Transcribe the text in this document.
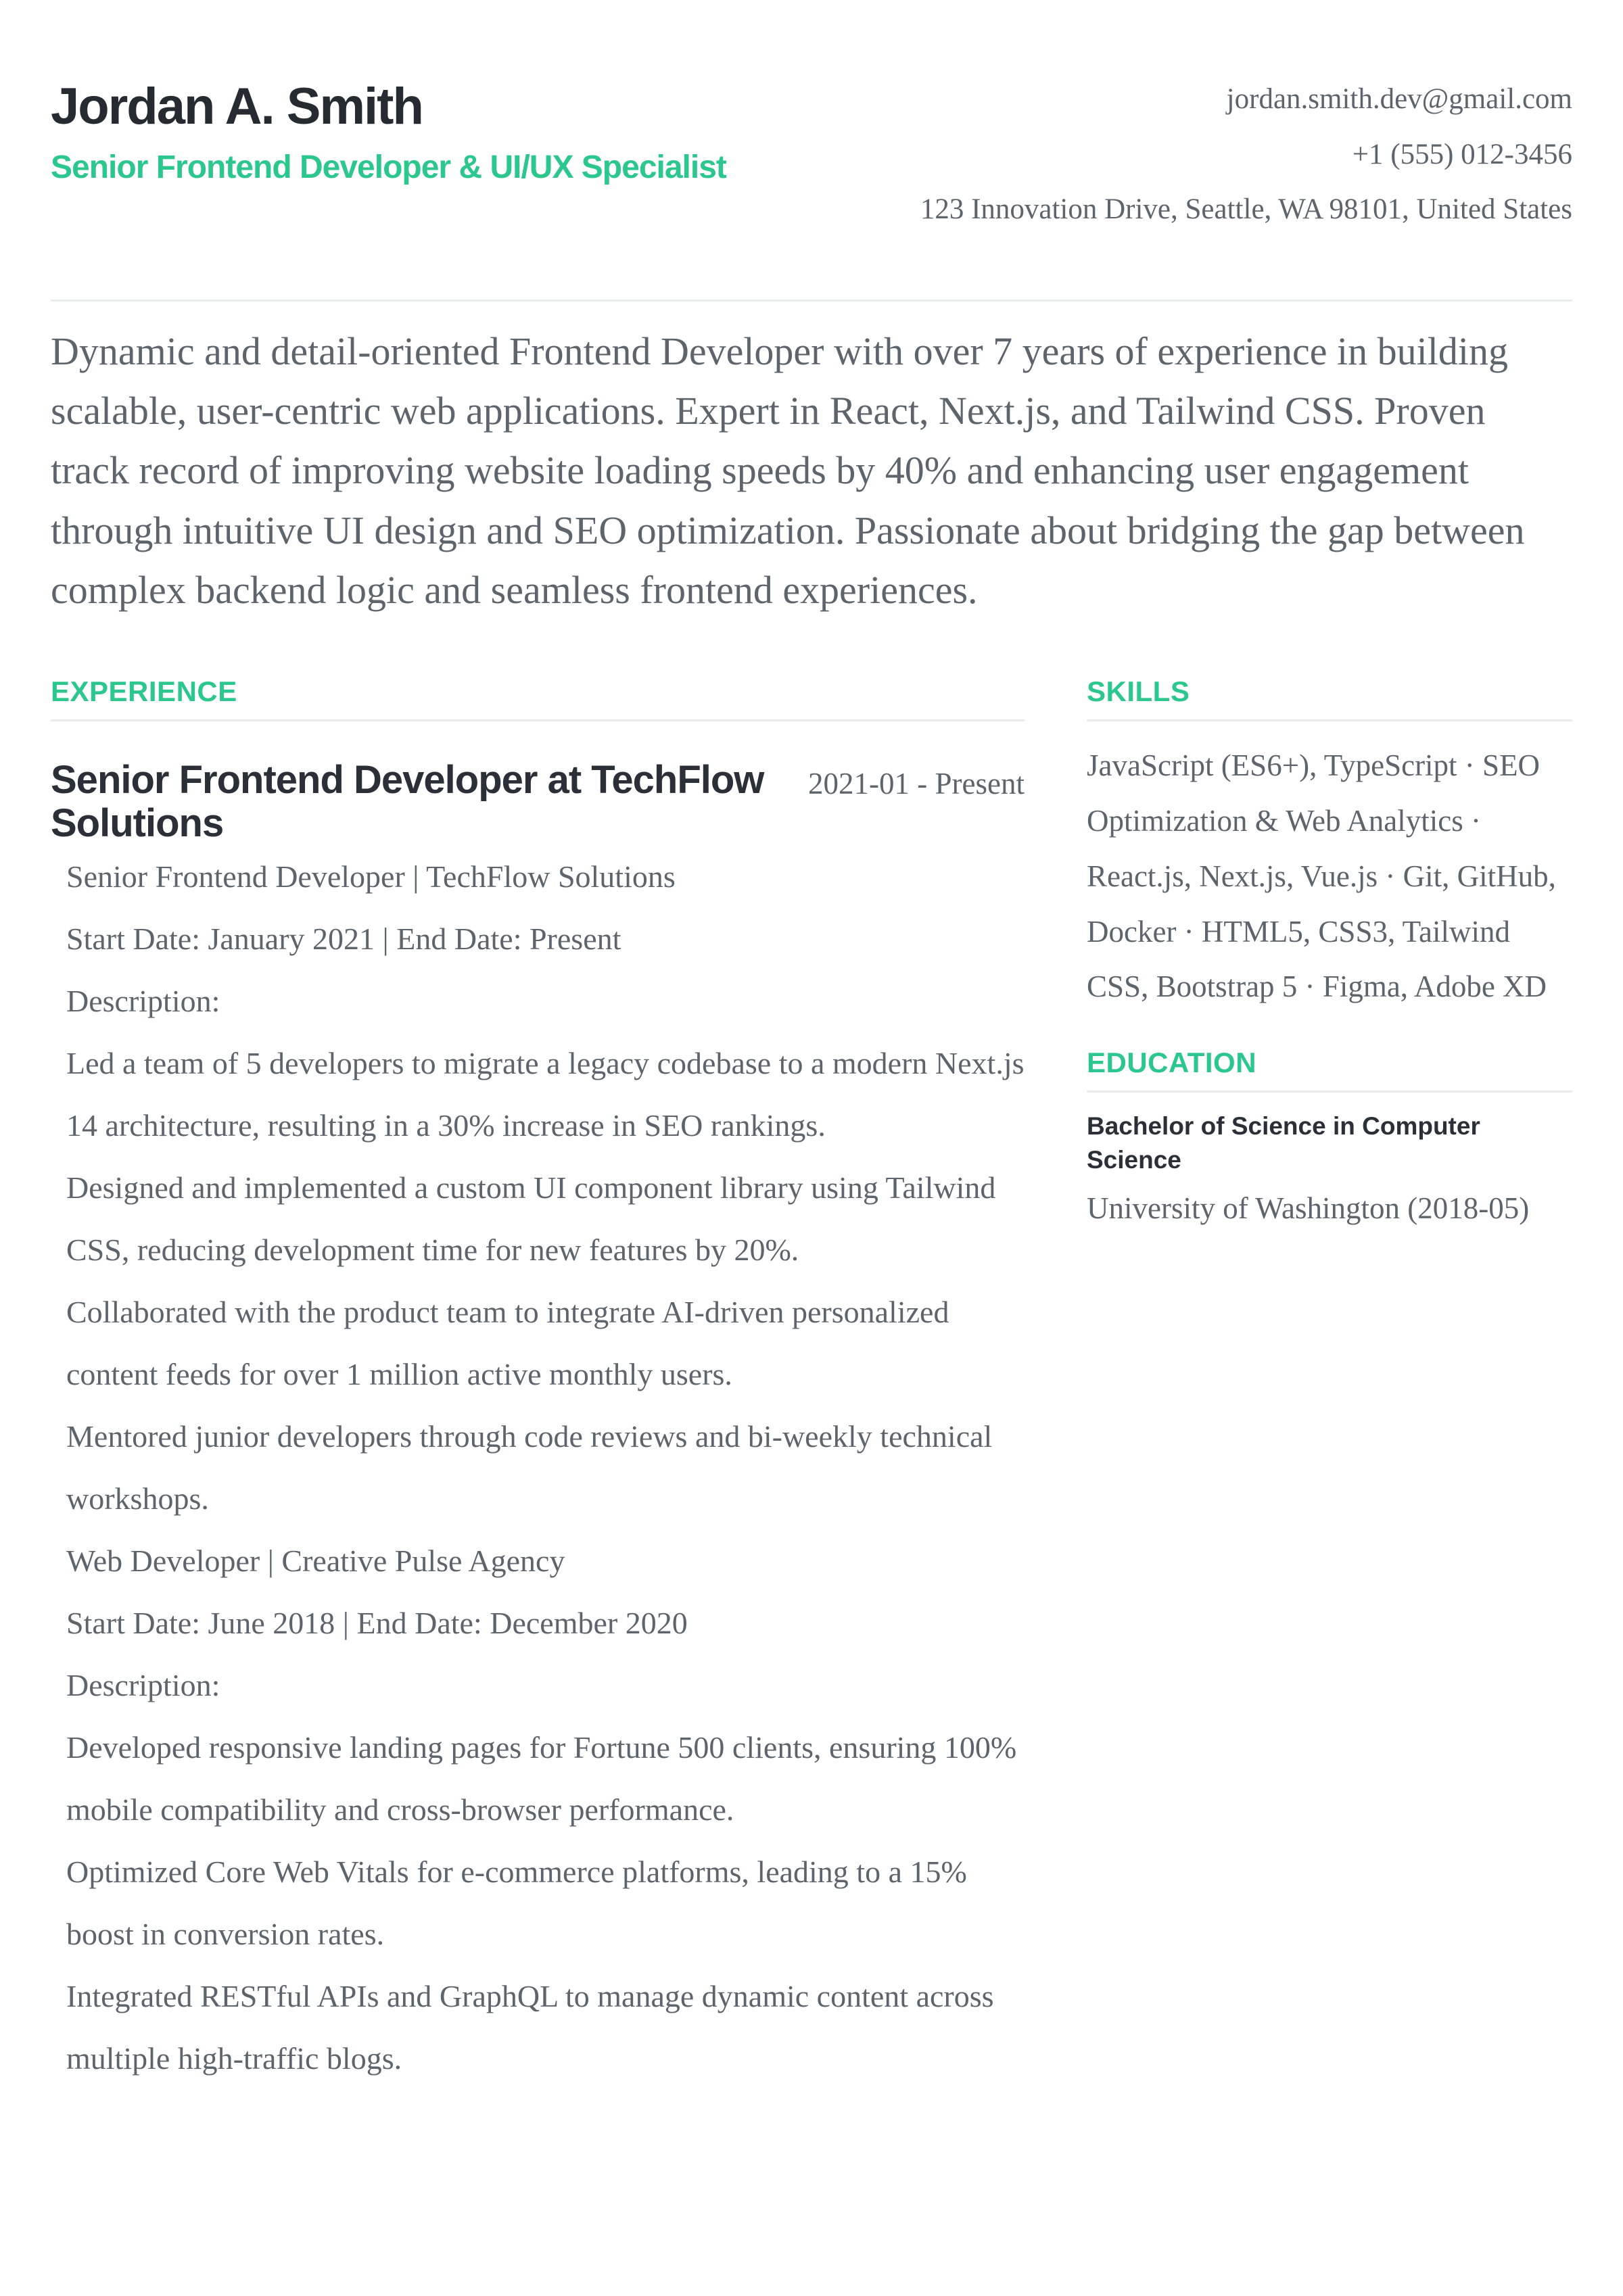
Jordan A. Smith
Senior Frontend Developer & UI/UX Specialist
jordan.smith.dev@gmail.com
+1 (555) 012-3456
123 Innovation Drive, Seattle, WA 98101, United States

Dynamic and detail-oriented Frontend Developer with over 7 years of experience in building scalable, user-centric web applications. Expert in React, Next.js, and Tailwind CSS. Proven track record of improving website loading speeds by 40% and enhancing user engagement through intuitive UI design and SEO optimization. Passionate about bridging the gap between complex backend logic and seamless frontend experiences.

EXPERIENCE
Senior Frontend Developer at TechFlow Solutions
2021-01 - Present

Senior Frontend Developer | TechFlow Solutions

Start Date: January 2021 | End Date: Present

Description:

Led a team of 5 developers to migrate a legacy codebase to a modern Next.js 14 architecture, resulting in a 30% increase in SEO rankings.

Designed and implemented a custom UI component library using Tailwind CSS, reducing development time for new features by 20%.

Collaborated with the product team to integrate AI-driven personalized content feeds for over 1 million active monthly users.

Mentored junior developers through code reviews and bi-weekly technical workshops.

Web Developer | Creative Pulse Agency

Start Date: June 2018 | End Date: December 2020

Description:

Developed responsive landing pages for Fortune 500 clients, ensuring 100% mobile compatibility and cross-browser performance.

Optimized Core Web Vitals for e-commerce platforms, leading to a 15% boost in conversion rates.

Integrated RESTful APIs and GraphQL to manage dynamic content across multiple high-traffic blogs.

SKILLS

JavaScript (ES6+), TypeScript · SEO Optimization & Web Analytics · React.js, Next.js, Vue.js · Git, GitHub, Docker · HTML5, CSS3, Tailwind CSS, Bootstrap 5 · Figma, Adobe XD

EDUCATION
Bachelor of Science in Computer Science

University of Washington (2018-05)
